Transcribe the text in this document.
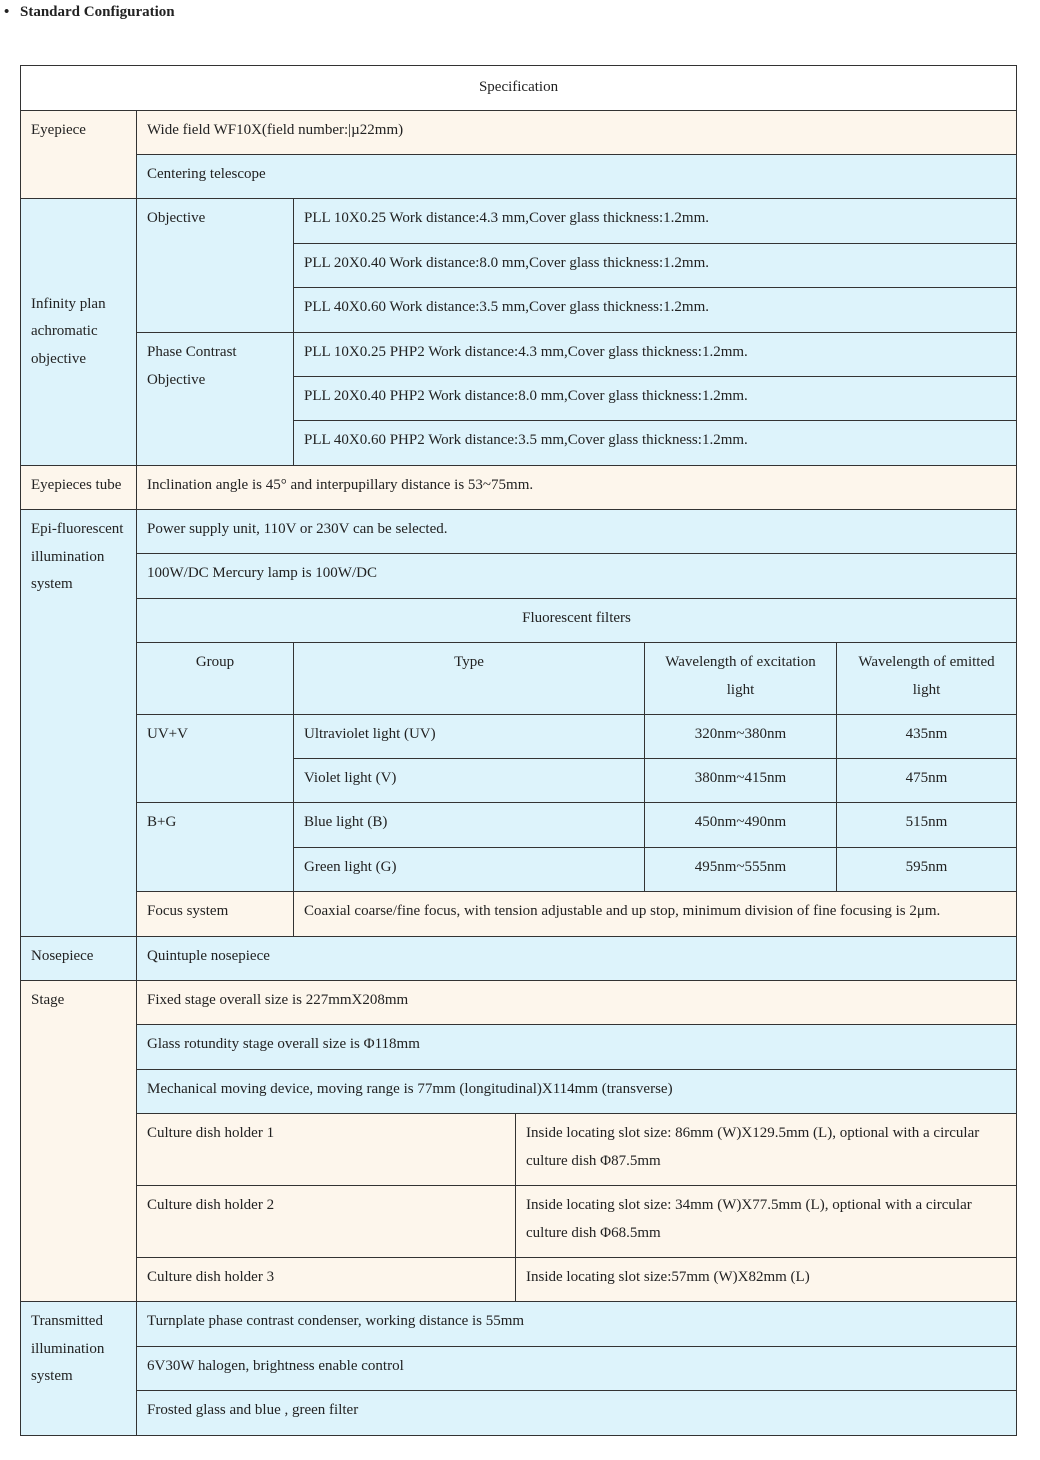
• Standard Configuration
Specification					
Eyepiece	Wide field WF10X(field number:|µ22mm)				
	Centering telescope				
Infinity plan achromatic objective	Objective	PLL 10X0.25 Work distance:4.3 mm,Cover glass thickness:1.2mm.			
		PLL 20X0.40 Work distance:8.0 mm,Cover glass thickness:1.2mm.			
		PLL 40X0.60 Work distance:3.5 mm,Cover glass thickness:1.2mm.			
	Phase Contrast Objective	PLL 10X0.25 PHP2 Work distance:4.3 mm,Cover glass thickness:1.2mm.			
		PLL 20X0.40 PHP2 Work distance:8.0 mm,Cover glass thickness:1.2mm.			
		PLL 40X0.60 PHP2 Work distance:3.5 mm,Cover glass thickness:1.2mm.			
Eyepieces tube	Inclination angle is 45° and interpupillary distance is 53~75mm.				
Epi-fluorescent illumination system	Power supply unit, 110V or 230V can be selected.				
	100W/DC Mercury lamp is 100W/DC				
	Fluorescent filters				
	Group	Type		Wavelength of excitation light	Wavelength of emitted light
	UV+V	Ultraviolet light (UV)		320nm~380nm	435nm
		Violet light (V)		380nm~415nm	475nm
	B+G	Blue light (B)		450nm~490nm	515nm
		Green light (G)		495nm~555nm	595nm
	Focus system	Coaxial coarse/fine focus, with tension adjustable and up stop, minimum division of fine focusing is 2μm.			
Nosepiece	Quintuple nosepiece				
Stage	Fixed stage overall size is 227mmX208mm				
	Glass rotundity stage overall size is Φ118mm				
	Mechanical moving device, moving range is 77mm (longitudinal)X114mm (transverse)				
	Culture dish holder 1		Inside locating slot size: 86mm (W)X129.5mm (L), optional with a circular culture dish Φ87.5mm		
	Culture dish holder 2		Inside locating slot size: 34mm (W)X77.5mm (L), optional with a circular culture dish Φ68.5mm		
	Culture dish holder 3		Inside locating slot size:57mm (W)X82mm (L)		
Transmitted illumination system	Turnplate phase contrast condenser, working distance is 55mm				
	6V30W halogen, brightness enable control				
	Frosted glass and blue , green filter				
